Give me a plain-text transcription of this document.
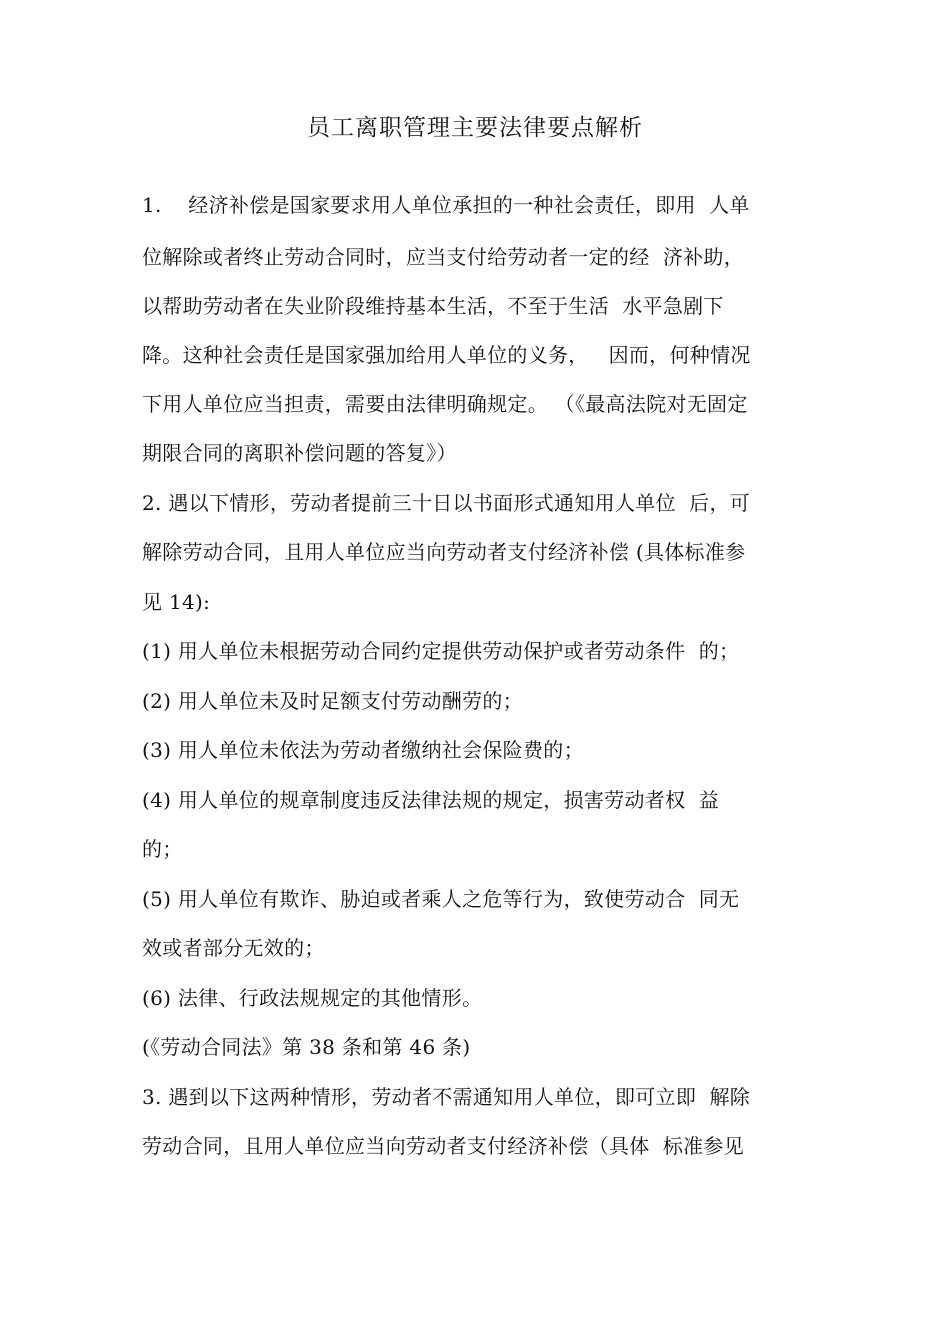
员工离职管理主要法律要点解析
1.    经济补偿是国家要求用人单位承担的一种社会责任，即用  人单
位解除或者终止劳动合同时，应当支付给劳动者一定的经  济补助，
以帮助劳动者在失业阶段维持基本生活，不至于生活  水平急剧下
降。这种社会责任是国家强加给用人单位的义务，   因而，何种情况
下用人单位应当担责，需要由法律明确规定。 （《最高法院对无固定
期限合同的离职补偿问题的答复》）
2. 遇以下情形，劳动者提前三十日以书面形式通知用人单位  后，可
解除劳动合同，且用人单位应当向劳动者支付经济补偿 (具体标准参
见 14):
(1) 用人单位未根据劳动合同约定提供劳动保护或者劳动条件  的；
(2) 用人单位未及时足额支付劳动酬劳的；
(3) 用人单位未依法为劳动者缴纳社会保险费的；
(4) 用人单位的规章制度违反法律法规的规定，损害劳动者权  益
的；
(5) 用人单位有欺诈、胁迫或者乘人之危等行为，致使劳动合  同无
效或者部分无效的；
(6) 法律、行政法规规定的其他情形。
(《劳动合同法》第 38 条和第 46 条)
3. 遇到以下这两种情形，劳动者不需通知用人单位，即可立即  解除
劳动合同，且用人单位应当向劳动者支付经济补偿（具体  标准参见
